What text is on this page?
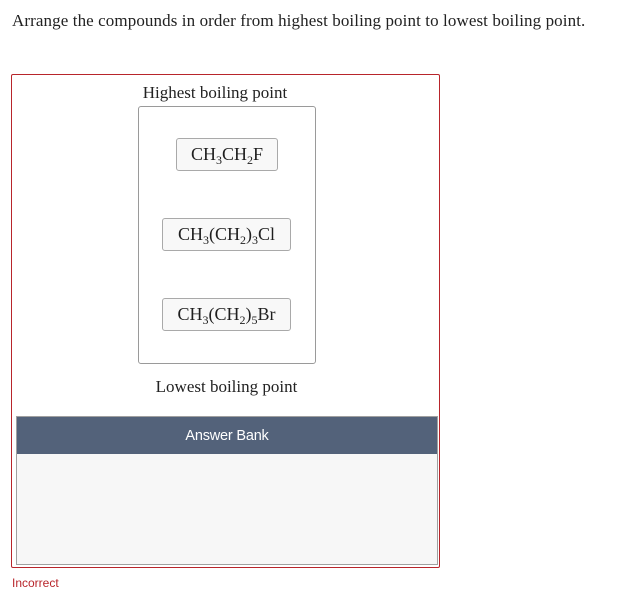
Arrange the compounds in order from highest boiling point to lowest boiling point.
Highest boiling point
$CH_3CH_2F$
$CH_3(CH_2)_3Cl$
$CH_3(CH_2)_5Br$
Lowest boiling point
Answer Bank
Incorrect
